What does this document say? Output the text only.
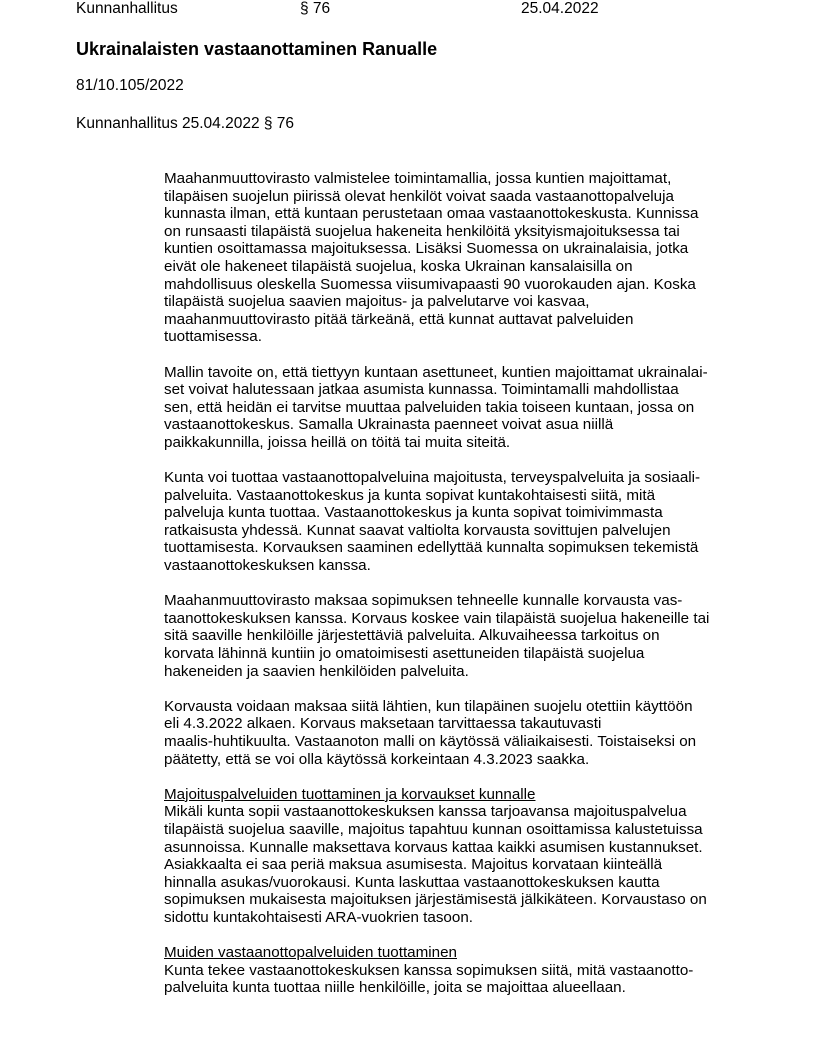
Kunnanhallitus	§ 76	25.04.2022
Ukrainalaisten vastaanottaminen Ranualle
81/10.105/2022
Kunnanhallitus 25.04.2022 § 76
Maahanmuuttovirasto valmistelee toimintamallia, jossa kuntien majoittamat,
tilapäisen suojelun piirissä olevat henkilöt voivat saada vastaanottopalveluja
kunnasta ilman, että kuntaan perustetaan omaa vastaanottokeskusta. Kunnissa
on runsaasti tilapäistä suojelua hakeneita henkilöitä yksityismajoituksessa tai
kuntien osoittamassa majoituksessa. Lisäksi Suomessa on ukrainalaisia, jotka
eivät ole hakeneet tilapäistä suojelua, koska Ukrainan kansalaisilla on
mahdollisuus oleskella Suomessa viisumivapaasti 90 vuorokauden ajan. Koska
tilapäistä suojelua saavien majoitus- ja palvelutarve voi kasvaa,
maahanmuuttovirasto pitää tärkeänä, että kunnat auttavat palveluiden
tuottamisessa.
Mallin tavoite on, että tiettyyn kuntaan asettuneet, kuntien majoittamat ukrainalai-
set voivat halutessaan jatkaa asumista kunnassa. Toimintamalli mahdollistaa
sen, että heidän ei tarvitse muuttaa palveluiden takia toiseen kuntaan, jossa on
vastaanottokeskus. Samalla Ukrainasta paenneet voivat asua niillä
paikkakunnilla, joissa heillä on töitä tai muita siteitä.
Kunta voi tuottaa vastaanottopalveluina majoitusta, terveyspalveluita ja sosiaali-
palveluita. Vastaanottokeskus ja kunta sopivat kuntakohtaisesti siitä, mitä
palveluja kunta tuottaa. Vastaanottokeskus ja kunta sopivat toimivimmasta
ratkaisusta yhdessä. Kunnat saavat valtiolta korvausta sovittujen palvelujen
tuottamisesta. Korvauksen saaminen edellyttää kunnalta sopimuksen tekemistä
vastaanottokeskuksen kanssa.
Maahanmuuttovirasto maksaa sopimuksen tehneelle kunnalle korvausta vas-
taanottokeskuksen kanssa. Korvaus koskee vain tilapäistä suojelua hakeneille tai
sitä saaville henkilöille järjestettäviä palveluita. Alkuvaiheessa tarkoitus on
korvata lähinnä kuntiin jo omatoimisesti asettuneiden tilapäistä suojelua
hakeneiden ja saavien henkilöiden palveluita.
Korvausta voidaan maksaa siitä lähtien, kun tilapäinen suojelu otettiin käyttöön
eli 4.3.2022 alkaen. Korvaus maksetaan tarvittaessa takautuvasti
maalis-huhtikuulta. Vastaanoton malli on käytössä väliaikaisesti. Toistaiseksi on
päätetty, että se voi olla käytössä korkeintaan 4.3.2023 saakka.
Majoituspalveluiden tuottaminen ja korvaukset kunnalle
Mikäli kunta sopii vastaanottokeskuksen kanssa tarjoavansa majoituspalvelua
tilapäistä suojelua saaville, majoitus tapahtuu kunnan osoittamissa kalustetuissa
asunnoissa. Kunnalle maksettava korvaus kattaa kaikki asumisen kustannukset.
Asiakkaalta ei saa periä maksua asumisesta. Majoitus korvataan kiinteällä
hinnalla asukas/vuorokausi. Kunta laskuttaa vastaanottokeskuksen kautta
sopimuksen mukaisesta majoituksen järjestämisestä jälkikäteen. Korvaustaso on
sidottu kuntakohtaisesti ARA-vuokrien tasoon.
Muiden vastaanottopalveluiden tuottaminen
Kunta tekee vastaanottokeskuksen kanssa sopimuksen siitä, mitä vastaanotto-
palveluita kunta tuottaa niille henkilöille, joita se majoittaa alueellaan.
